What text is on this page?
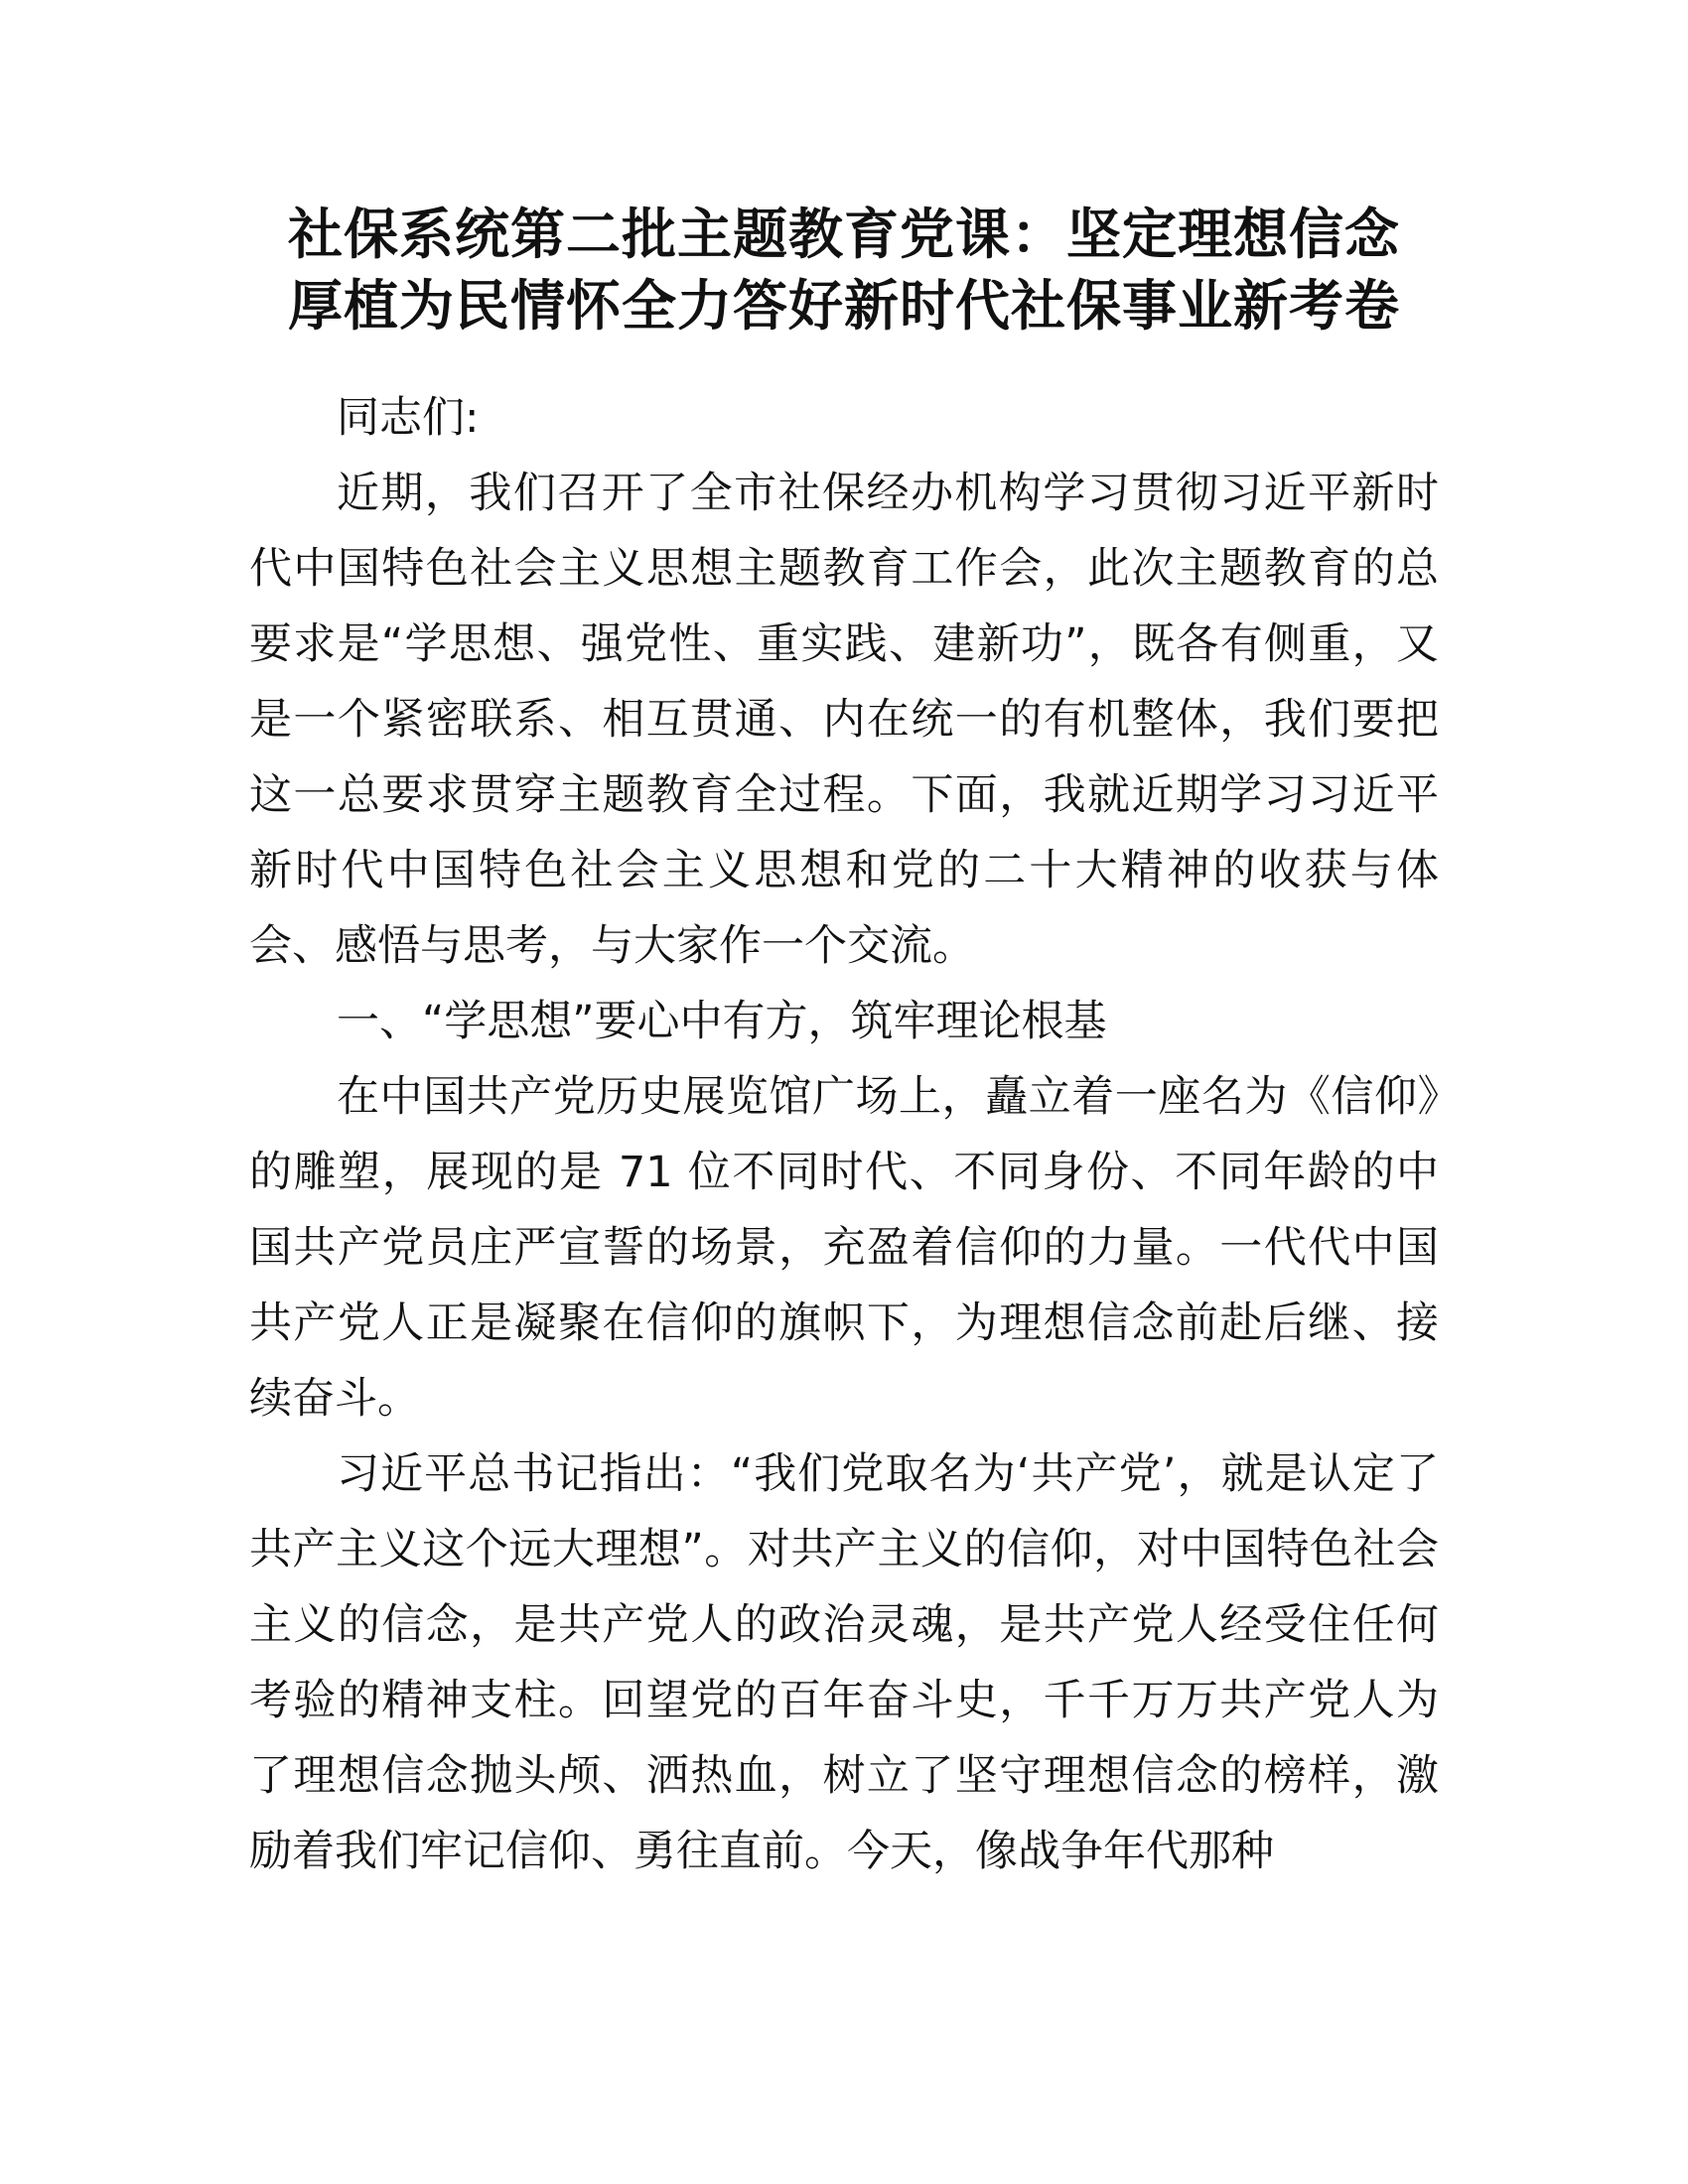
社保系统第二批主题教育党课：坚定理想信念
厚植为民情怀全力答好新时代社保事业新考卷

同志们:

近期，我们召开了全市社保经办机构学习贯彻习近平新时代中国特色社会主义思想主题教育工作会，此次主题教育的总要求是“学思想、强党性、重实践、建新功”，既各有侧重，又是一个紧密联系、相互贯通、内在统一的有机整体，我们要把这一总要求贯穿主题教育全过程。下面，我就近期学习习近平新时代中国特色社会主义思想和党的二十大精神的收获与体会、感悟与思考，与大家作一个交流。

一、“学思想”要心中有方，筑牢理论根基

在中国共产党历史展览馆广场上，矗立着一座名为《信仰》的雕塑，展现的是 71 位不同时代、不同身份、不同年龄的中国共产党员庄严宣誓的场景，充盈着信仰的力量。一代代中国共产党人正是凝聚在信仰的旗帜下，为理想信念前赴后继、接续奋斗。

习近平总书记指出：“我们党取名为‘共产党’，就是认定了共产主义这个远大理想”。对共产主义的信仰，对中国特色社会主义的信念，是共产党人的政治灵魂，是共产党人经受住任何考验的精神支柱。回望党的百年奋斗史，千千万万共产党人为了理想信念抛头颅、洒热血，树立了坚守理想信念的榜样，激励着我们牢记信仰、勇往直前。今天，像战争年代那种
